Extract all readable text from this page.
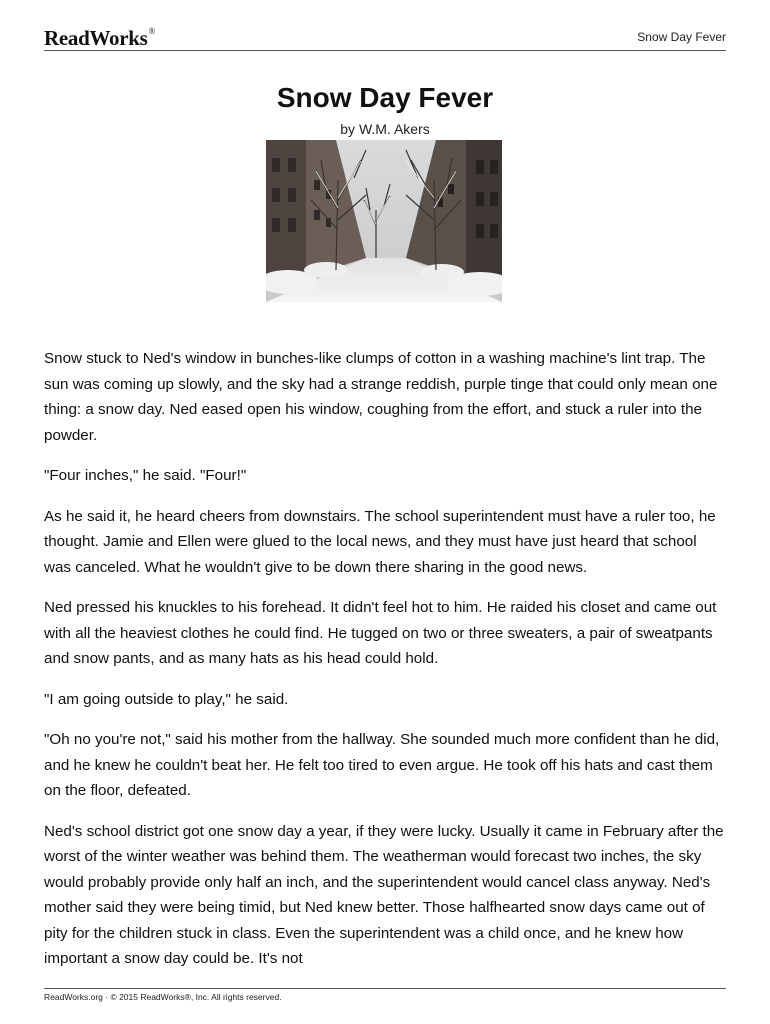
ReadWorks®	Snow Day Fever
Snow Day Fever
by W.M. Akers

Snow stuck to Ned's window in bunches-like clumps of cotton in a washing machine's lint trap. The sun was coming up slowly, and the sky had a strange reddish, purple tinge that could only mean one thing: a snow day. Ned eased open his window, coughing from the effort, and stuck a ruler into the powder.

"Four inches," he said. "Four!"

As he said it, he heard cheers from downstairs. The school superintendent must have a ruler too, he thought. Jamie and Ellen were glued to the local news, and they must have just heard that school was canceled. What he wouldn't give to be down there sharing in the good news.

Ned pressed his knuckles to his forehead. It didn't feel hot to him. He raided his closet and came out with all the heaviest clothes he could find. He tugged on two or three sweaters, a pair of sweatpants and snow pants, and as many hats as his head could hold.

"I am going outside to play," he said.

"Oh no you're not," said his mother from the hallway. She sounded much more confident than he did, and he knew he couldn't beat her. He felt too tired to even argue. He took off his hats and cast them on the floor, defeated.

Ned's school district got one snow day a year, if they were lucky. Usually it came in February after the worst of the winter weather was behind them. The weatherman would forecast two inches, the sky would probably provide only half an inch, and the superintendent would cancel class anyway. Ned's mother said they were being timid, but Ned knew better. Those halfhearted snow days came out of pity for the children stuck in class. Even the superintendent was a child once, and he knew how important a snow day could be. It's not

ReadWorks.org · © 2015 ReadWorks®, Inc. All rights reserved.
